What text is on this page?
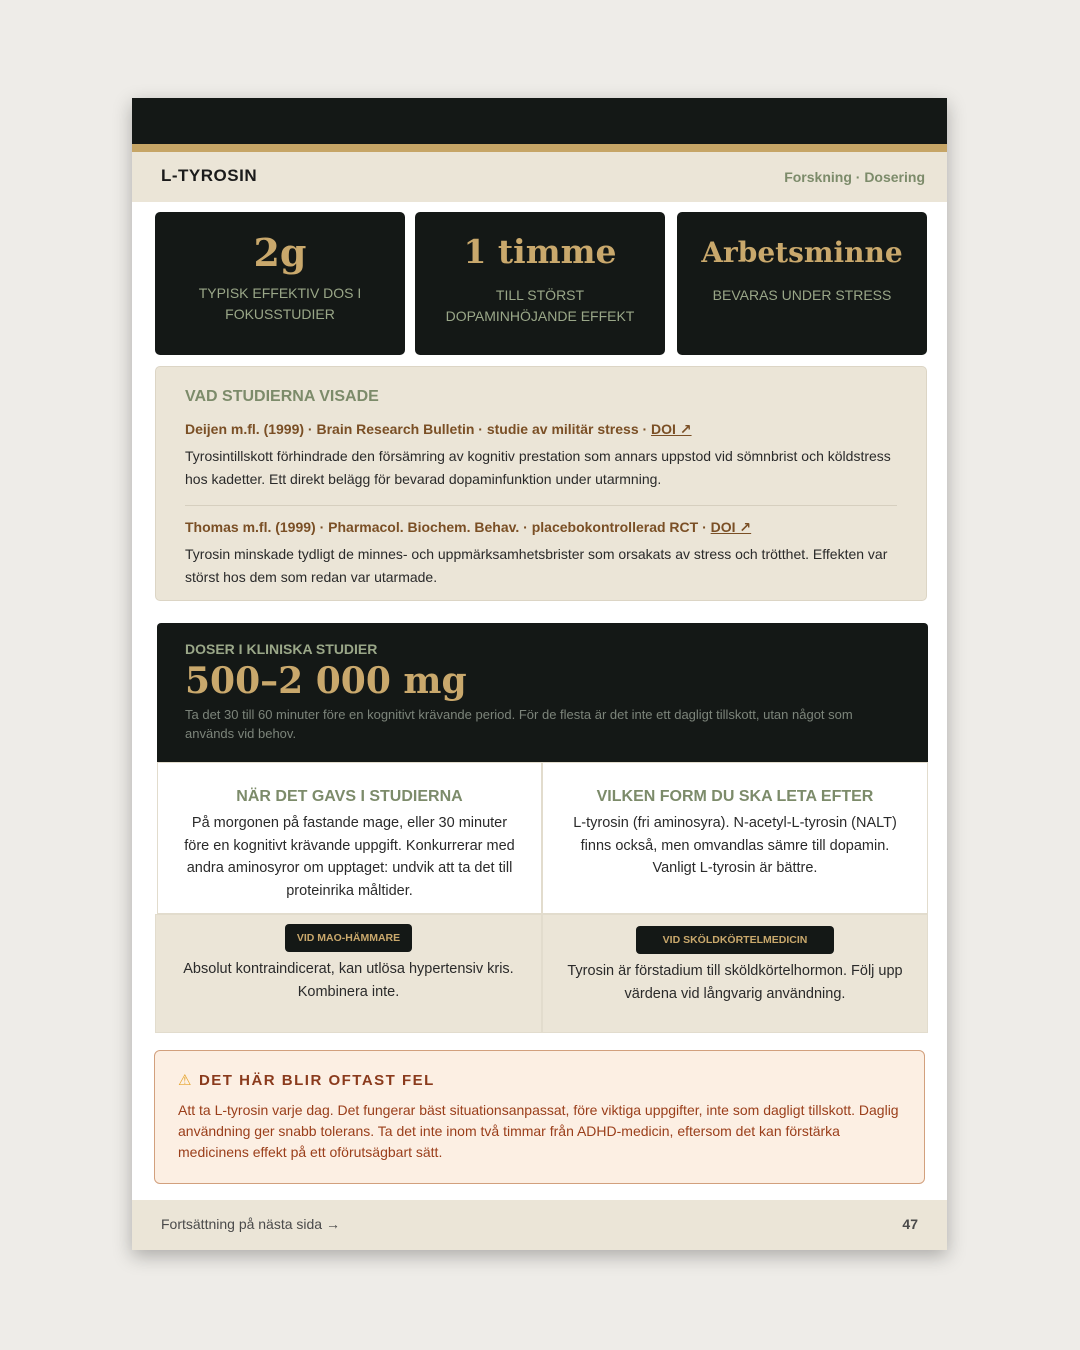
L-TYROSIN	Forskning · Dosering
2g
TYPISK EFFEKTIV DOS I FOKUSSTUDIER
1 timme
TILL STÖRST DOPAMINHÖJANDE EFFEKT
Arbetsminne
BEVARAS UNDER STRESS
VAD STUDIERNA VISADE
Deijen m.fl. (1999) · Brain Research Bulletin · studie av militär stress · DOI ↗
Tyrosintillskott förhindrade den försämring av kognitiv prestation som annars uppstod vid sömnbrist och köldstress hos kadetter. Ett direkt belägg för bevarad dopaminfunktion under utarmning.
Thomas m.fl. (1999) · Pharmacol. Biochem. Behav. · placebokontrollerad RCT · DOI ↗
Tyrosin minskade tydligt de minnes- och uppmärksamhetsbrister som orsakats av stress och trötthet. Effekten var störst hos dem som redan var utarmade.
DOSER I KLINISKA STUDIER
500–2 000 mg
Ta det 30 till 60 minuter före en kognitivt krävande period. För de flesta är det inte ett dagligt tillskott, utan något som används vid behov.
NÄR DET GAVS I STUDIERNA
På morgonen på fastande mage, eller 30 minuter före en kognitivt krävande uppgift. Konkurrerar med andra aminosyror om upptaget: undvik att ta det till proteinrika måltider.
VILKEN FORM DU SKA LETA EFTER
L-tyrosin (fri aminosyra). N-acetyl-L-tyrosin (NALT) finns också, men omvandlas sämre till dopamin. Vanligt L-tyrosin är bättre.
VID MAO-HÄMMARE
Absolut kontraindicerat, kan utlösa hypertensiv kris. Kombinera inte.
VID SKÖLDKÖRTELMEDICIN
Tyrosin är förstadium till sköldkörtelhormon. Följ upp värdena vid långvarig användning.
⚠ DET HÄR BLIR OFTAST FEL
Att ta L-tyrosin varje dag. Det fungerar bäst situationsanpassat, före viktiga uppgifter, inte som dagligt tillskott. Daglig användning ger snabb tolerans. Ta det inte inom två timmar från ADHD-medicin, eftersom det kan förstärka medicinens effekt på ett oförutsägbart sätt.
Fortsättning på nästa sida →	47
